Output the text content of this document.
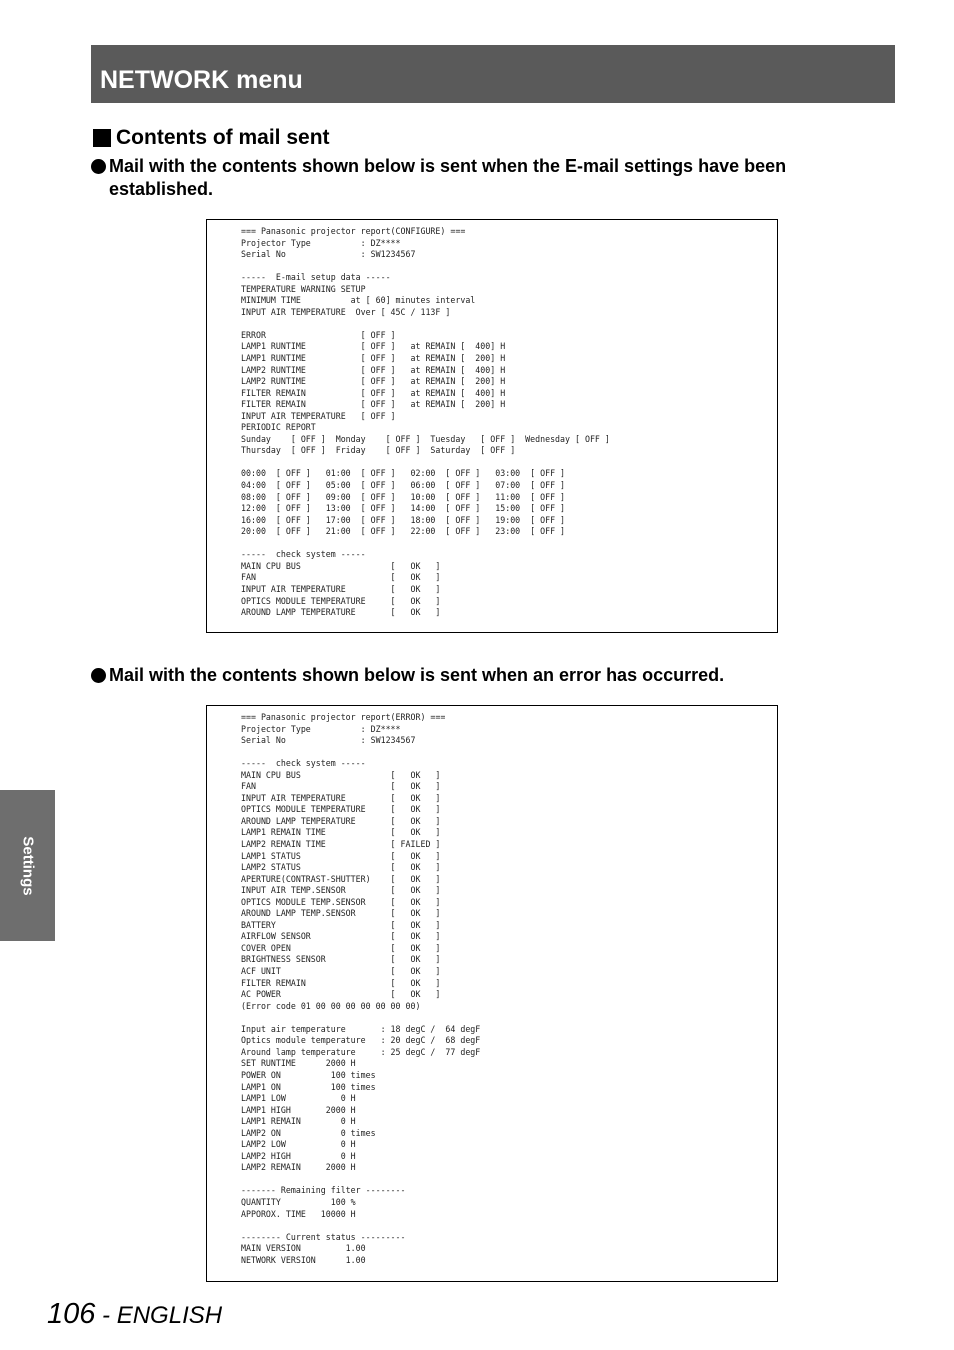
NETWORK menu
Contents of mail sent

Mail with the contents shown below is sent when the E-mail settings have been established.

=== Panasonic projector report(CONFIGURE) ===
Projector Type          : DZ****
Serial No               : SW1234567

-----  E-mail setup data -----
TEMPERATURE WARNING SETUP
MINIMUM TIME          at [ 60] minutes interval
INPUT AIR TEMPERATURE  Over [ 45C / 113F ]

ERROR                   [ OFF ]
LAMP1 RUNTIME           [ OFF ]   at REMAIN [  400] H
LAMP1 RUNTIME           [ OFF ]   at REMAIN [  200] H
LAMP2 RUNTIME           [ OFF ]   at REMAIN [  400] H
LAMP2 RUNTIME           [ OFF ]   at REMAIN [  200] H
FILTER REMAIN           [ OFF ]   at REMAIN [  400] H
FILTER REMAIN           [ OFF ]   at REMAIN [  200] H
INPUT AIR TEMPERATURE   [ OFF ]
PERIODIC REPORT
Sunday    [ OFF ]  Monday    [ OFF ]  Tuesday   [ OFF ]  Wednesday [ OFF ]
Thursday  [ OFF ]  Friday    [ OFF ]  Saturday  [ OFF ]

00:00  [ OFF ]   01:00  [ OFF ]   02:00  [ OFF ]   03:00  [ OFF ]
04:00  [ OFF ]   05:00  [ OFF ]   06:00  [ OFF ]   07:00  [ OFF ]
08:00  [ OFF ]   09:00  [ OFF ]   10:00  [ OFF ]   11:00  [ OFF ]
12:00  [ OFF ]   13:00  [ OFF ]   14:00  [ OFF ]   15:00  [ OFF ]
16:00  [ OFF ]   17:00  [ OFF ]   18:00  [ OFF ]   19:00  [ OFF ]
20:00  [ OFF ]   21:00  [ OFF ]   22:00  [ OFF ]   23:00  [ OFF ]

-----  check system -----
MAIN CPU BUS                  [   OK   ]
FAN                           [   OK   ]
INPUT AIR TEMPERATURE         [   OK   ]
OPTICS MODULE TEMPERATURE     [   OK   ]
AROUND LAMP TEMPERATURE       [   OK   ]

Mail with the contents shown below is sent when an error has occurred.

=== Panasonic projector report(ERROR) ===
Projector Type          : DZ****
Serial No               : SW1234567

-----  check system -----
MAIN CPU BUS                  [   OK   ]
FAN                           [   OK   ]
INPUT AIR TEMPERATURE         [   OK   ]
OPTICS MODULE TEMPERATURE     [   OK   ]
AROUND LAMP TEMPERATURE       [   OK   ]
LAMP1 REMAIN TIME             [   OK   ]
LAMP2 REMAIN TIME             [ FAILED ]
LAMP1 STATUS                  [   OK   ]
LAMP2 STATUS                  [   OK   ]
APERTURE(CONTRAST-SHUTTER)    [   OK   ]
INPUT AIR TEMP.SENSOR         [   OK   ]
OPTICS MODULE TEMP.SENSOR     [   OK   ]
AROUND LAMP TEMP.SENSOR       [   OK   ]
BATTERY                       [   OK   ]
AIRFLOW SENSOR                [   OK   ]
COVER OPEN                    [   OK   ]
BRIGHTNESS SENSOR             [   OK   ]
ACF UNIT                      [   OK   ]
FILTER REMAIN                 [   OK   ]
AC POWER                      [   OK   ]
(Error code 01 00 00 00 00 00 00 00)

Input air temperature       : 18 degC /  64 degF
Optics module temperature   : 20 degC /  68 degF
Around lamp temperature     : 25 degC /  77 degF
SET RUNTIME      2000 H
POWER ON          100 times
LAMP1 ON          100 times
LAMP1 LOW           0 H
LAMP1 HIGH       2000 H
LAMP1 REMAIN        0 H
LAMP2 ON            0 times
LAMP2 LOW           0 H
LAMP2 HIGH          0 H
LAMP2 REMAIN     2000 H

------- Remaining filter --------
QUANTITY          100 %
APPOROX. TIME   10000 H

-------- Current status ---------
MAIN VERSION         1.00
NETWORK VERSION      1.00

Settings

106 - ENGLISH
